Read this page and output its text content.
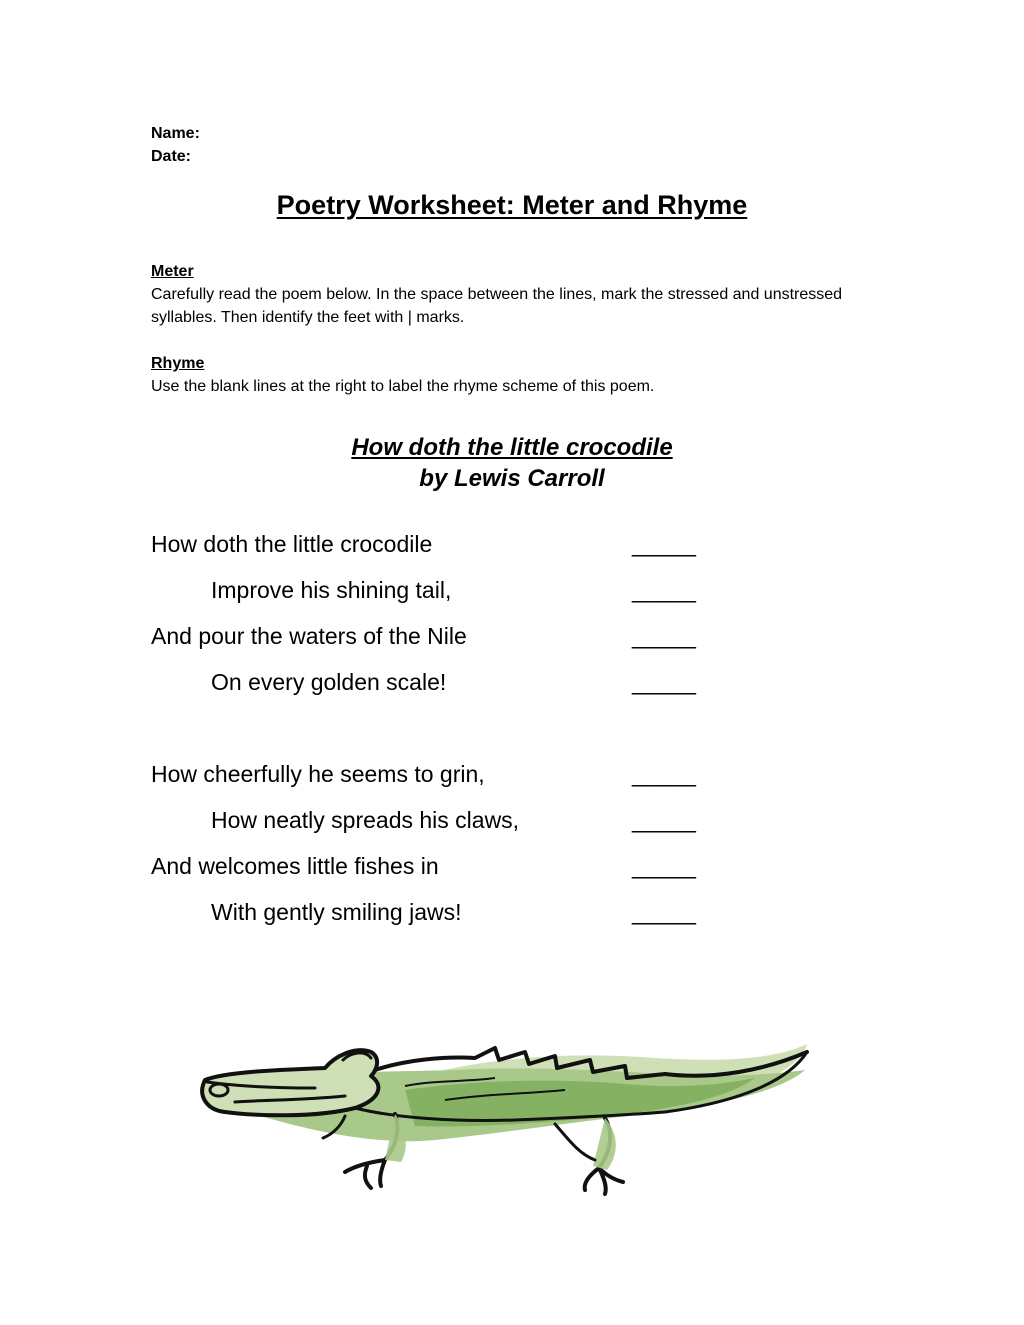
Name:
Date:
Poetry Worksheet: Meter and Rhyme
Meter
Carefully read the poem below. In the space between the lines, mark the stressed and unstressed syllables. Then identify the feet with | marks.
Rhyme
Use the blank lines at the right to label the rhyme scheme of this poem.
How doth the little crocodile
by Lewis Carroll
How doth the little crocodile	_____
Improve his shining tail,	_____
And pour the waters of the Nile	_____
On every golden scale!	_____
How cheerfully he seems to grin,	_____
How neatly spreads his claws,	_____
And welcomes little fishes in	_____
With gently smiling jaws!	_____
